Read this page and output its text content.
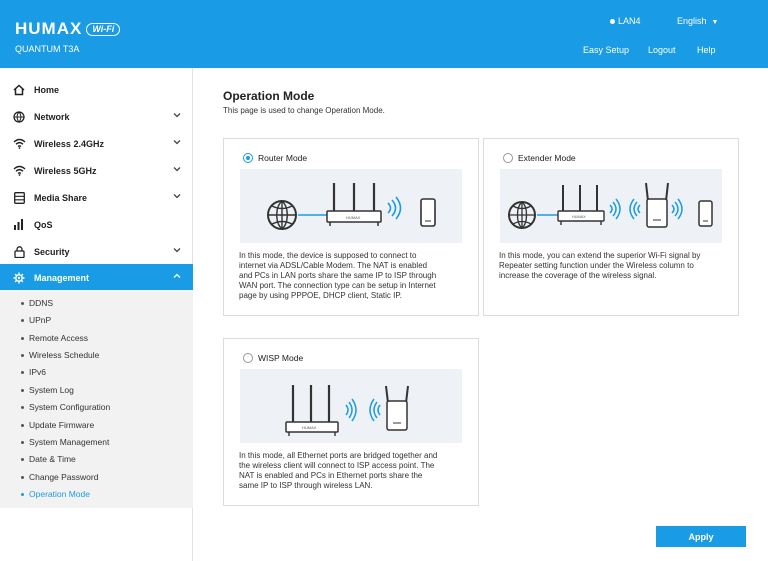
HUMAX	Wi-Fi
QUANTUM T3A
LAN4	English ▼
Easy Setup Logout Help
Home
Network
Wireless 2.4GHz
Wireless 5GHz
Media Share
QoS
Security
Management
DDNS
UPnP
Remote Access
Wireless Schedule
IPv6
System Log
System Configuration
Update Firmware
System Management
Date & Time
Change Password
Operation Mode
Operation Mode
This page is used to change Operation Mode.
Router Mode
HUMAX
In this mode, the device is supposed to connect to
internet via ADSL/Cable Modem. The NAT is enabled
and PCs in LAN ports share the same IP to ISP through
WAN port. The connection type can be setup in Internet
page by using PPPOE, DHCP client, Static IP.
Extender Mode
HUMAX
In this mode, you can extend the superior Wi-Fi signal by
Repeater setting function under the Wireless column to
increase the coverage of the wireless signal.
WISP Mode
HUMAX
In this mode, all Ethernet ports are bridged together and
the wireless client will connect to ISP access point. The
NAT is enabled and PCs in Ethernet ports share the
same IP to ISP through wireless LAN.
Apply
